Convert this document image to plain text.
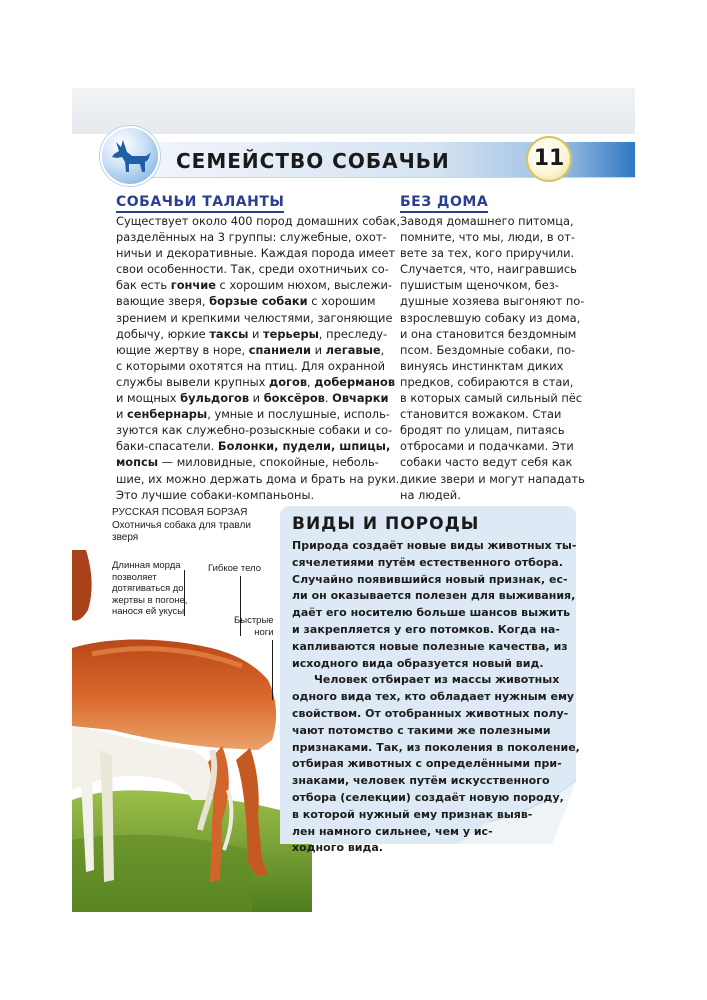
СЕМЕЙСТВО СОБАЧЬИ	11
СОБАЧЬИ ТАЛАНТЫ
Существует около 400 пород домашних собак,
разделённых на 3 группы: служебные, охот-
ничьи и декоративные. Каждая порода имеет
свои особенности. Так, среди охотничьих со-
бак есть гончие с хорошим нюхом, выслежи-
вающие зверя, борзые собаки с хорошим
зрением и крепкими челюстями, загоняющие
добычу, юркие таксы и терьеры, преследу-
ющие жертву в норе, спаниели и легавые,
с которыми охотятся на птиц. Для охранной
службы вывели крупных догов, доберманов
и мощных бульдогов и боксёров. Овчарки
и сенбернары, умные и послушные, исполь-
зуются как служебно-розыскные собаки и со-
баки-спасатели. Болонки, пудели, шпицы,
мопсы — миловидные, спокойные, неболь-
шие, их можно держать дома и брать на руки.
Это лучшие собаки-компаньоны.
БЕЗ ДОМА
Заводя домашнего питомца,
помните, что мы, люди, в от-
вете за тех, кого приручили.
Случается, что, наигравшись
пушистым щеночком, без-
душные хозяева выгоняют по-
взрослевшую собаку из дома,
и она становится бездомным
псом. Бездомные собаки, по-
винуясь инстинктам диких
предков, собираются в стаи,
в которых самый сильный пёс
становится вожаком. Стаи
бродят по улицам, питаясь
отбросами и подачками. Эти
собаки часто ведут себя как
дикие звери и могут нападать
на людей.
РУССКАЯ ПСОВАЯ БОРЗАЯ
Охотничья собака для травли
зверя
Длинная морда
позволяет
дотягиваться до
жертвы в погоне,
нанося ей укусы
Гибкое тело
Быстрые
ноги
ВИДЫ И ПОРОДЫ
Природа создаёт новые виды животных ты-
сячелетиями путём естественного отбора.
Случайно появившийся новый признак, ес-
ли он оказывается полезен для выживания,
даёт его носителю больше шансов выжить
и закрепляется у его потомков. Когда на-
капливаются новые полезные качества, из
исходного вида образуется новый вид.
Человек отбирает из массы животных
одного вида тех, кто обладает нужным ему
свойством. От отобранных животных полу-
чают потомство с такими же полезными
признаками. Так, из поколения в поколение,
отбирая животных с определёнными при-
знаками, человек путём искусственного
отбора (селекции) создаёт новую породу,
в которой нужный ему признак выяв-
лен намного сильнее, чем у ис-
ходного вида.
